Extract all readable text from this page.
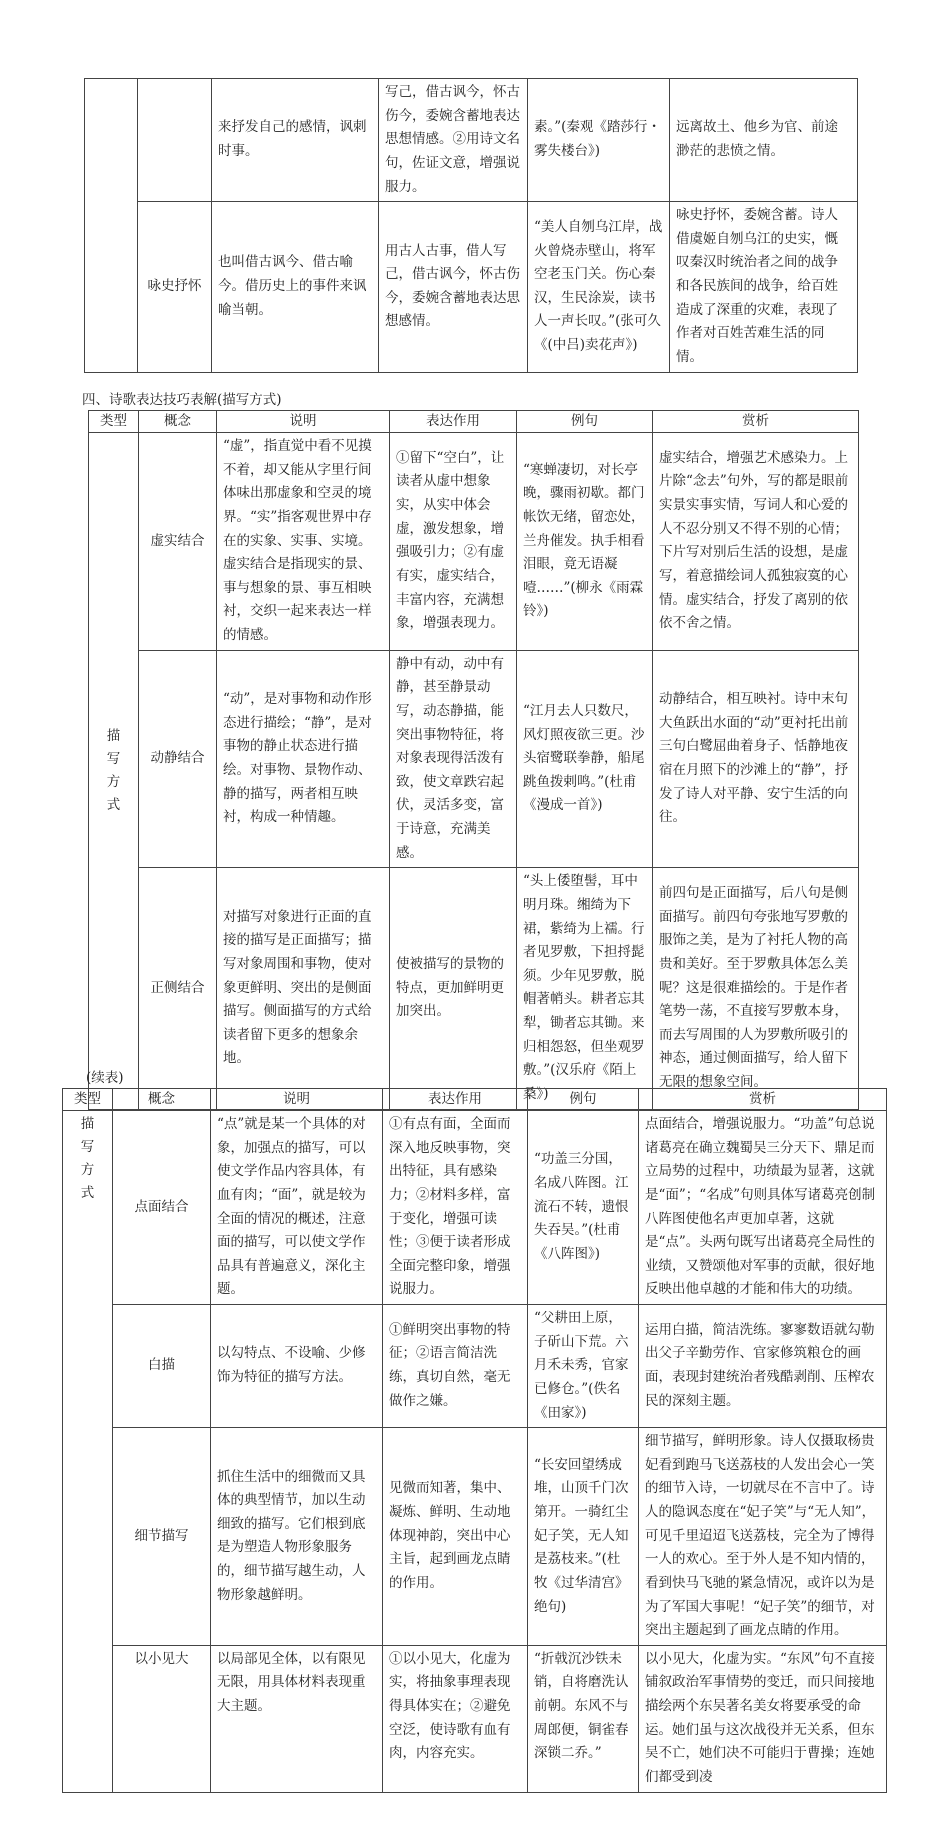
		来抒发自己的感情，讽刺时事。	写己，借古讽今，怀古伤今，委婉含蓄地表达思想情感。②用诗文名句，佐证文意，增强说服力。	素。”(秦观《踏莎行・雾失楼台》)	远离故土、他乡为官、前途渺茫的悲愤之情。
	咏史抒怀	也叫借古讽今、借古喻今。借历史上的事件来讽喻当朝。	用古人古事，借人写己，借古讽今，怀古伤今，委婉含蓄地表达思想感情。	“美人自刎乌江岸，战火曾烧赤壁山，将军空老玉门关。伤心秦汉，生民涂炭，读书人一声长叹。”(张可久《(中吕)卖花声》)	咏史抒怀，委婉含蓄。诗人借虞姬自刎乌江的史实，慨叹秦汉时统治者之间的战争和各民族间的战争，给百姓造成了深重的灾难，表现了作者对百姓苦难生活的同情。
四、诗歌表达技巧表解(描写方式)
类型	概念	说明	表达作用	例句	赏析

描
写
方
式	虚实结合	“虚”，指直觉中看不见摸不着，却又能从字里行间体味出那虚象和空灵的境界。“实”指客观世界中存在的实象、实事、实境。虚实结合是指现实的景、事与想象的景、事互相映衬，交织一起来表达一样的情感。	①留下“空白”，让读者从虚中想象实，从实中体会虚，激发想象，增强吸引力；②有虚有实，虚实结合，丰富内容，充满想象，增强表现力。	“寒蝉凄切，对长亭晚，骤雨初歇。都门帐饮无绪，留恋处，兰舟催发。执手相看泪眼，竟无语凝噎……”(柳永《雨霖铃》)	虚实结合，增强艺术感染力。上片除“念去”句外，写的都是眼前实景实事实情，写词人和心爱的人不忍分别又不得不别的心情；下片写对别后生活的设想，是虚写，着意描绘词人孤独寂寞的心情。虚实结合，抒发了离别的依依不舍之情。
	动静结合	“动”，是对事物和动作形态进行描绘；“静”，是对事物的静止状态进行描绘。对事物、景物作动、静的描写，两者相互映衬，构成一种情趣。	静中有动，动中有静，甚至静景动写，动态静描，能突出事物特征，将对象表现得活泼有致，使文章跌宕起伏，灵活多变，富于诗意，充满美感。	“江月去人只数尺，风灯照夜欲三更。沙头宿鹭联拳静，船尾跳鱼拨剌鸣。”(杜甫《漫成一首》)	动静结合，相互映衬。诗中末句大鱼跃出水面的“动”更衬托出前三句白鹭屈曲着身子、恬静地夜宿在月照下的沙滩上的“静”，抒发了诗人对平静、安宁生活的向往。
	正侧结合	对描写对象进行正面的直接的描写是正面描写；描写对象周围和事物，使对象更鲜明、突出的是侧面描写。侧面描写的方式给读者留下更多的想象余地。	使被描写的景物的特点，更加鲜明更加突出。	“头上倭堕髻，耳中明月珠。缃绮为下裙，紫绮为上襦。行者见罗敷，下担捋髭须。少年见罗敷，脱帽著帩头。耕者忘其犁，锄者忘其锄。来归相怨怒，但坐观罗敷。”(汉乐府《陌上桑》)	前四句是正面描写，后八句是侧面描写。前四句夸张地写罗敷的服饰之美，是为了衬托人物的高贵和美好。至于罗敷具体怎么美呢？这是很难描绘的。于是作者笔势一荡，不直接写罗敷本身，而去写周围的人为罗敷所吸引的神态，通过侧面描写，给人留下无限的想象空间。
(续表)
类型	概念	说明	表达作用	例句	赏析

描
写
方
式	点面结合	“点”就是某一个具体的对象，加强点的描写，可以使文学作品内容具体，有血有肉；“面”，就是较为全面的情况的概述，注意面的描写，可以使文学作品具有普遍意义，深化主题。	①有点有面，全面而深入地反映事物，突出特征，具有感染力；②材料多样，富于变化，增强可读性；③便于读者形成全面完整印象，增强说服力。	“功盖三分国，名成八阵图。江流石不转，遗恨失吞吴。”(杜甫《八阵图》)	点面结合，增强说服力。“功盖”句总说诸葛亮在确立魏蜀吴三分天下、鼎足而立局势的过程中，功绩最为显著，这就是“面”；“名成”句则具体写诸葛亮创制八阵图使他名声更加卓著，这就是“点”。头两句既写出诸葛亮全局性的业绩，又赞颂他对军事的贡献，很好地反映出他卓越的才能和伟大的功绩。
	白描	以勾特点、不设喻、少修饰为特征的描写方法。	①鲜明突出事物的特征；②语言简洁洗练，真切自然，毫无做作之嫌。	“父耕田上原，子斫山下荒。六月禾未秀，官家已修仓。”(佚名《田家》)	运用白描，简洁洗练。寥寥数语就勾勒出父子辛勤劳作、官家修筑粮仓的画面，表现封建统治者残酷剥削、压榨农民的深刻主题。
	细节描写	抓住生活中的细微而又具体的典型情节，加以生动细致的描写。它们根到底是为塑造人物形象服务的，细节描写越生动，人物形象越鲜明。	见微而知著，集中、凝炼、鲜明、生动地体现神韵，突出中心主旨，起到画龙点睛的作用。	“长安回望绣成堆，山顶千门次第开。一骑红尘妃子笑，无人知是荔枝来。”(杜牧《过华清宫》绝句)	细节描写，鲜明形象。诗人仅摄取杨贵妃看到跑马飞送荔枝的人发出会心一笑的细节入诗，一切就尽在不言中了。诗人的隐讽态度在“妃子笑”与“无人知”，可见千里迢迢飞送荔枝，完全为了博得一人的欢心。至于外人是不知内情的，看到快马飞驰的紧急情况，或许以为是为了军国大事呢！“妃子笑”的细节，对突出主题起到了画龙点睛的作用。
	以小见大	以局部见全体，以有限见无限，用具体材料表现重大主题。	①以小见大，化虚为实，将抽象事理表现得具体实在；②避免空泛，使诗歌有血有肉，内容充实。	“折戟沉沙铁未销，自将磨洗认前朝。东风不与周郎便，铜雀春深锁二乔。”	以小见大，化虚为实。“东风”句不直接铺叙政治军事情势的变迁，而只间接地描绘两个东吴著名美女将要承受的命运。她们虽与这次战役并无关系，但东吴不亡，她们决不可能归于曹操；连她们都受到凌
